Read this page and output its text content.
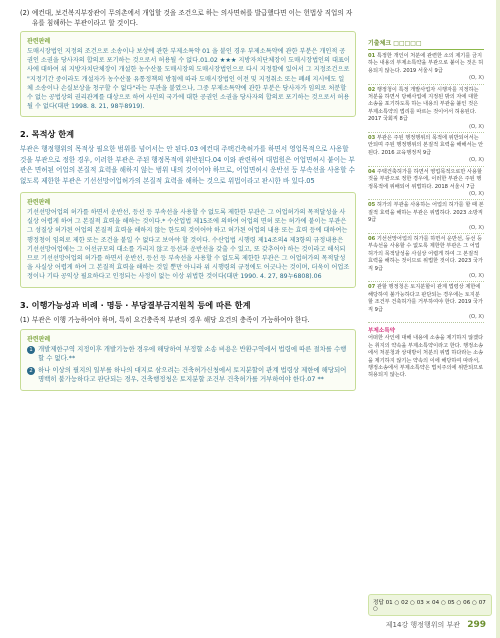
(2) 예컨대, 보건복지부장관이 무의촌에서 개업할 것을 조건으로 하는 의사면허를 발급했다면 이는 헌법상 직업의 자유를 침해하는 부관이라고 할 것이다.
관련판례

도매시장법인 지정의 조건으로 소송이나 보상에 관한 부제소특약 01 을 붙인 경우 부제소특약에 관한 부분은 개인적 공권인 소권을 당사자의 합의로 포기하는 것으로서 허용될 수 없다.01.02 ★★★ 지방자치단체장이 도매시장법인의 대표이사에 대하여 위 지방자치단체장이 개설한 농수산물 도매시장의 도매시장법인으로 다시 지정함에 있어서 그 지정조건으로 "지정기간 중이라도 개설자가 농수산물 유통정책의 방침에 따라 도매시장법인 이전 및 지정취소 또는 폐쇄 지시에도 일체 소송이나 손실보상을 청구할 수 없다"라는 부관을 붙였으나, 그중 부제소특약에 관한 부분은 당사자가 임의로 처분할 수 없는 공법상의 권리관계를 대상으로 하여 사인의 국가에 대한 공권인 소권을 당사자의 합의로 포기하는 것으로서 허용될 수 없다(대판 1998. 8. 21, 98두8919).

2. 목적상 한계

부관은 행정행위의 목적상 필요한 범위를 넘어서는 안 된다.03 예컨대 주택건축허가를 하면서 영업목적으로 사용할 것을 부관으로 정한 경우, 이러한 부관은 주된 행정목적에 위반된다.04 이와 관련하여 대법원은 어업면허시 붙이는 부관은 면허된 어업의 본질적 효력을 해하지 않는 범위 내의 것이어야 하므로, 어업면허시 운반선 등 부속선을 사용할 수 없도록 제한한 부관은 기선선망어업허가의 본질적 효력을 해하는 것으로 위법이라고 판시한 바 있다.05

관련판례

기선선망어업의 허가를 하면서 운반선, 등선 등 부속선을 사용할 수 없도록 제한한 부관은 그 어업허가의 목적달성을 사실상 어렵게 하여 그 본질적 효력을 해하는 것이다.* 수산업법 제15조에 의하여 어업의 면허 또는 허가에 붙이는 부관은 그 성질상 허가된 어업의 본질적 효력을 해하지 않는 한도의 것이어야 하고 허가된 어업의 내용 또는 효력 등에 대하여는 행정청이 임의로 제한 또는 조건을 붙일 수 없다고 보아야 할 것이다. 수산업법 시행령 제14조의4 제3항의 규정내용은 기선선망어업에는 그 어선규모의 대소를 가리지 않고 등선과 운반선을 갖출 수 있고, 또 갖추어야 하는 것이라고 해석되므로 기선선망어업의 허가를 하면서 운반선, 등선 등 부속선을 사용할 수 없도록 제한한 부관은 그 어업허가의 목적달성을 사실상 어렵게 하여 그 본질적 효력을 해하는 것일 뿐만 아니라 위 시행령의 규정에도 어긋나는 것이며, 더욱이 어업조정이나 기타 공익상 필요하다고 인정되는 사정이 없는 이상 위법한 것이다(대판 1990. 4. 27, 89누6808).06

3. 이행가능성과 비례 · 명등 · 부당결부금지원칙 등에 따른 한계

(1) 부관은 이행 가능하여야 하며, 특히 요건충족적 부관의 경우 해당 요건의 충족이 가능하여야 한다.
관련판례
1 개발제한구역 지정이후 개발기능한 경우에 해당하여 부정할 소송 비용은 반환구역에서 법령에 따른 절차를 수행할 수 없다.**
2 하나 이상의 필지의 일부를 하나의 대지로 삼으려는 건축허가신청에서 토지분할이 관계 법령상 제한에 해당되어 명백히 불가능하다고 판단되는 경우, 건축행정청은 토지분할 조건부 건축허가를 거부하여야 한다.07 **
기출체크 □□□□□

01 특정한 개인이 처분에 관련한 소의 제기를 금지하는 내용의 부제소특약을 부관으로 붙이는 것은 허용되지 않는다. 2019 서울시 9급
(O, X)

02 행정청이 특정 개발사업자 시행자를 지정하는 처분을 하면서 당해사업에 지정된 밖의 자에 대한 소송을 포기하도록 하는 내용의 부관을 붙인 것은 부제소특약의 법리를 따르는 것이어서 허용된다. 2017 국회직 8급
(O, X)

03 부관은 주된 행정행위의 목적에 위반되어서는 안되며 주된 행정행위의 본질적 효력을 해해서는 안 된다. 2016 교육행정직 9급
(O, X)

04 주택건축허가를 하면서 영업목적으로만 사용할 것을 부관으로 정한 경우에, 이러한 부관은 주된 행정목적에 위배되어 위법하다. 2018 서울시 7급
(O, X)

05 허가의 부관을 사용하는 어업의 허가를 할 때 본질적 효력을 해하는 부관은 위법하다. 2023 소방직 9급
(O, X)

06 기선선망어업의 허가를 하면서 운반선, 등선 등 부속선을 사용할 수 없도록 제한한 부관은 그 어업허가의 목적달성을 사실상 어렵게 하여 그 본질적 효력을 해하는 것이므로 위법한 것이다. 2023 국가직 9급
(O, X)

07 관할 행정청은 토지분할이 관계 법령상 제한에 해당하여 불가능하다고 판단되는 경우에는 토지분할 조건부 건축허가를 거부하여야 한다. 2019 국가직 9급
(O, X)

부제소특약

어떠한 사인에 대해 내용에 소송을 제기하지 않겠다는 취지의 약속을 부제소특약이라고 한다. 행정소송에서 처분청과 상대방이 처분의 위법 하다라는 소송을 제기하지 않기는 약속의 이에 해당하여 따라서, 행정소송에서 부제소특약은 법치주의에 위반되므로 허용되지 않는다.

정답 01 ○ 02 ○ 03 × 04 ○ 05 ○ 06 ○ 07 ○
제14강 행정행위의 부관 299
